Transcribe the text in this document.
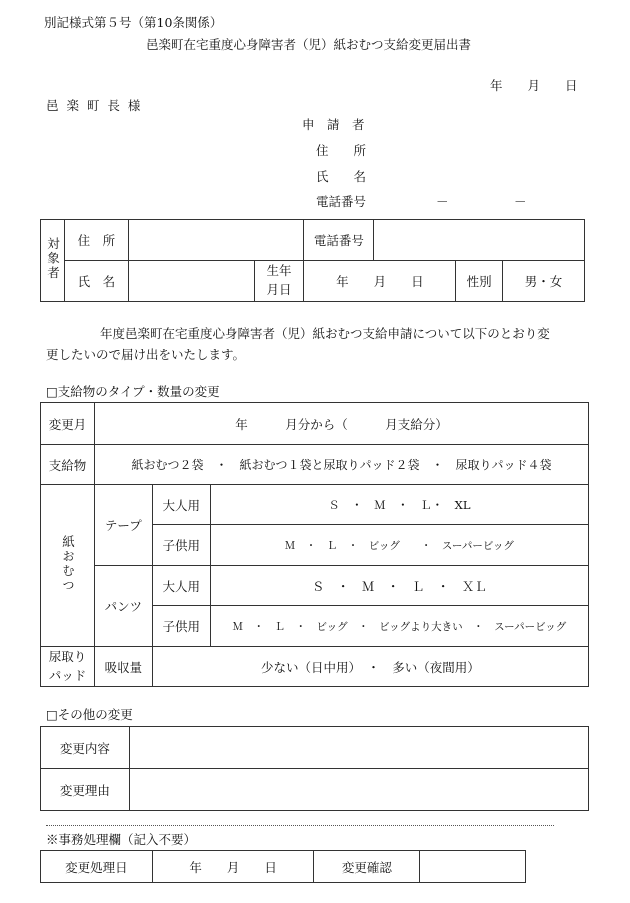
別記様式第５号（第10条関係）
邑楽町在宅重度心身障害者（児）紙おむつ支給変更届出書
年　　月　　日
邑 楽 町 長 様
申　請　者
住　　所
氏　　名
電話番号	－	－
対象者	住　所			電話番号			
	氏　名		生年
月日	年　　月　　日		性別	男・女
年度邑楽町在宅重度心身障害者（児）紙おむつ支給申請について以下のとおり変
更したいので届け出をいたします。
□支給物のタイプ・数量の変更
変更月	年　　　月分から（　　　月支給分）		
支給物	紙おむつ２袋　・　紙おむつ１袋と尿取りパッド２袋　・　尿取りパッド４袋		
紙おむつ	テープ	大人用	Ｓ　・　Ｍ　・　Ｌ・　XL
		子供用	Ｍ　・　Ｌ　・　ビッグ　　・　スーパービッグ
	パンツ	大人用	Ｓ　・　Ｍ　・　Ｌ　・　ＸＬ
		子供用	Ｍ　・　Ｌ　・　ビッグ　・　ビッグより大きい　・　スーパービッグ
尿取り
パッド	吸収量	少ない（日中用）　・　多い（夜間用）	
□その他の変更
変更内容	
変更理由	
※事務処理欄（記入不要）
変更処理日	年　　月　　日	変更確認	
